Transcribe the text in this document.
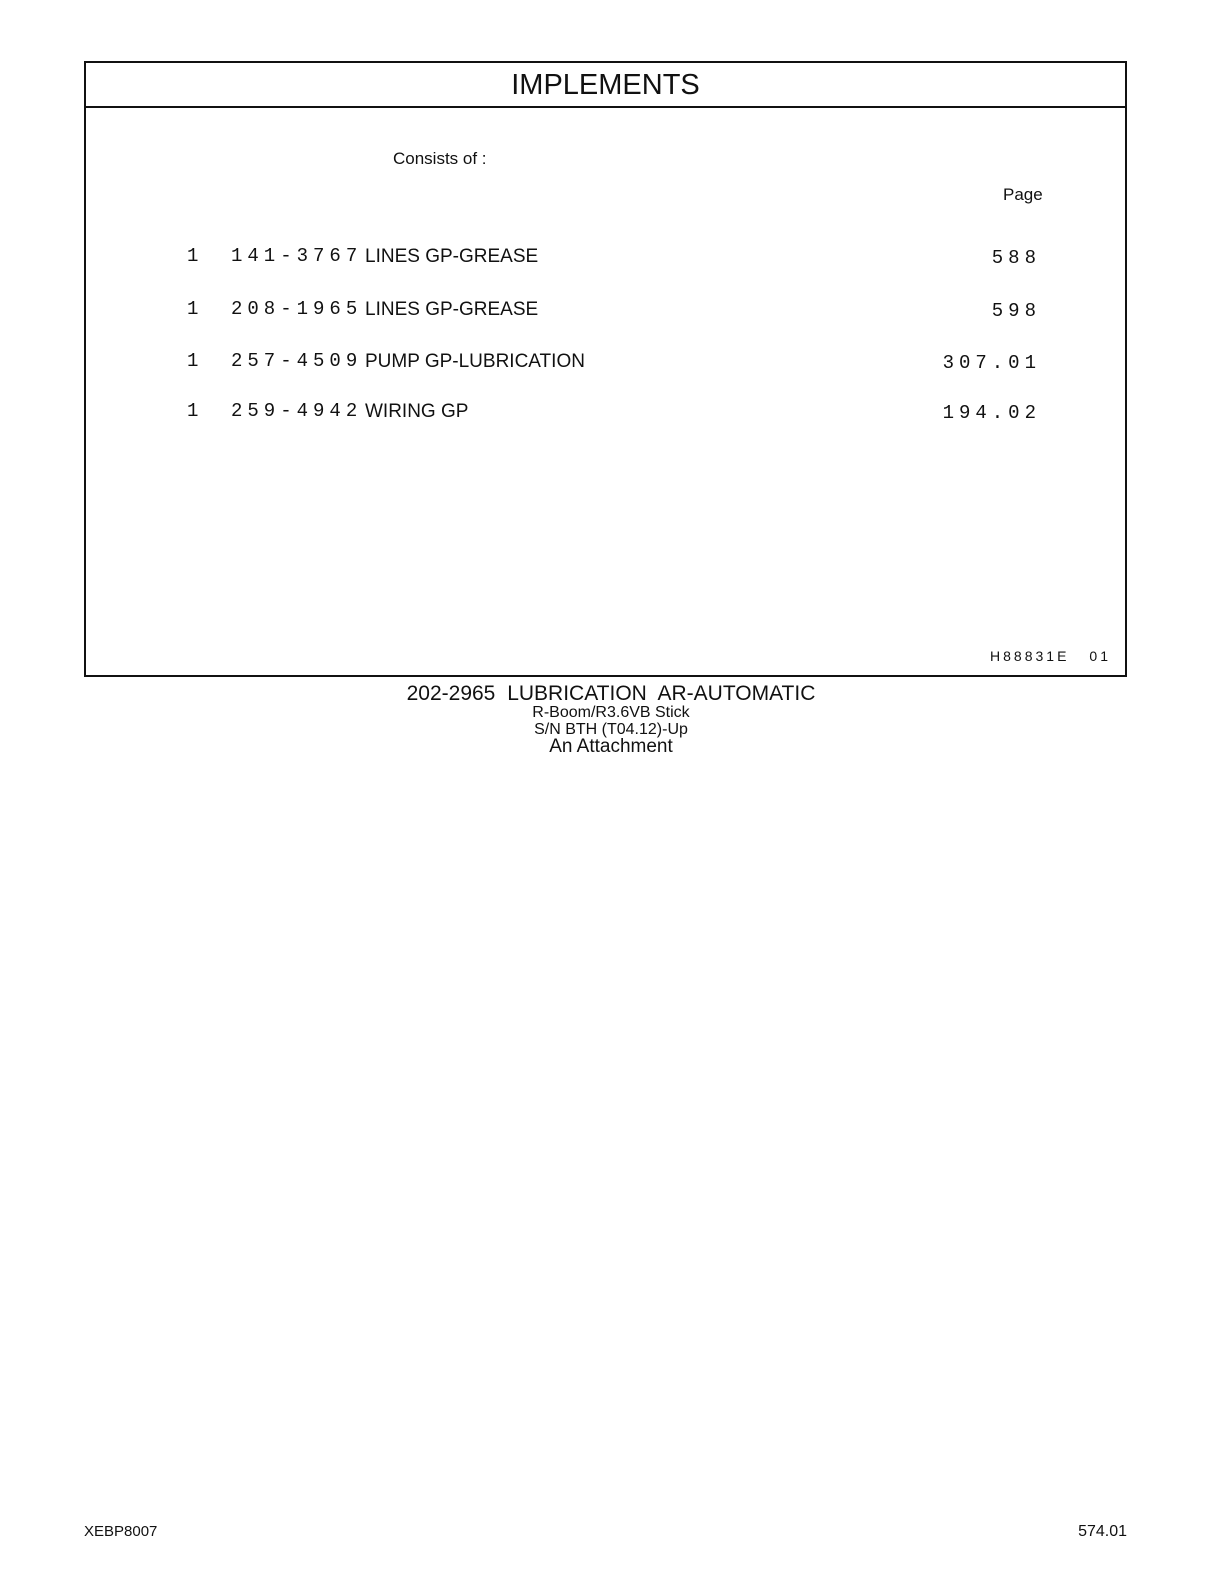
IMPLEMENTS
Consists of :
Page
1 141-3767 LINES GP-GREASE	588
1 208-1965 LINES GP-GREASE	598
1 257-4509 PUMP GP-LUBRICATION	307.01
1 259-4942 WIRING GP	194.02
H88831E 01
202-2965 LUBRICATION AR-AUTOMATIC
R-Boom/R3.6VB Stick
S/N BTH (T04.12)-Up
An Attachment
XEBP8007	574.01
